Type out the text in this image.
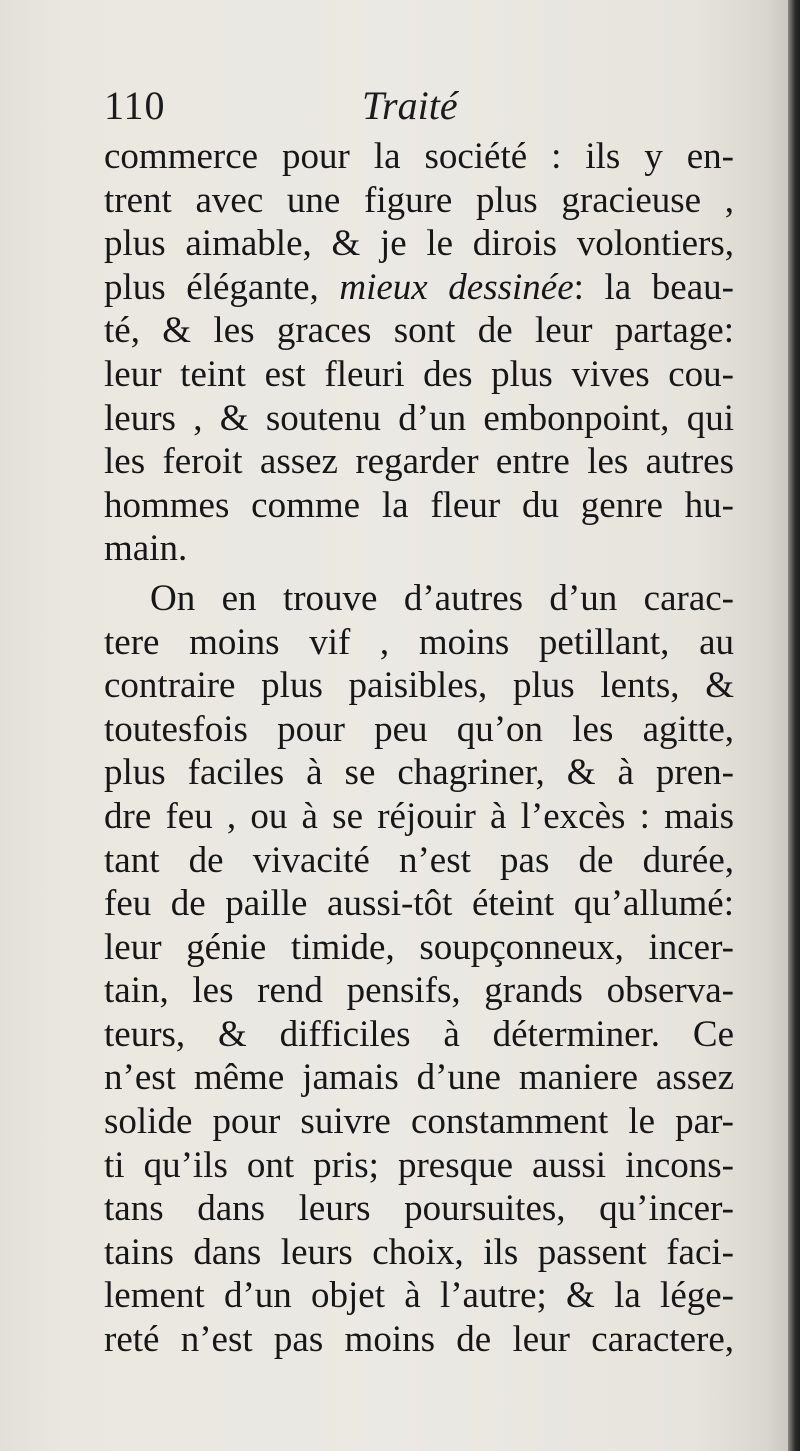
110	Traité
commerce pour la société : ils y en-
trent avec une figure plus gracieuse ,
plus aimable, & je le dirois volontiers,
plus élégante, mieux dessinée: la beau-
té, & les graces sont de leur partage:
leur teint est fleuri des plus vives cou-
leurs , & soutenu d’un embonpoint, qui
les feroit assez regarder entre les autres
hommes comme la fleur du genre hu-
main.
On en trouve d’autres d’un carac-
tere moins vif , moins petillant, au
contraire plus paisibles, plus lents, &
toutesfois pour peu qu’on les agitte,
plus faciles à se chagriner, & à pren-
dre feu , ou à se réjouir à l’excès : mais
tant de vivacité n’est pas de durée,
feu de paille aussi-tôt éteint qu’allumé:
leur génie timide, soupçonneux, incer-
tain, les rend pensifs, grands observa-
teurs, & difficiles à déterminer. Ce
n’est même jamais d’une maniere assez
solide pour suivre constamment le par-
ti qu’ils ont pris; presque aussi incons-
tans dans leurs poursuites, qu’incer-
tains dans leurs choix, ils passent faci-
lement d’un objet à l’autre; & la lége-
reté n’est pas moins de leur caractere,
